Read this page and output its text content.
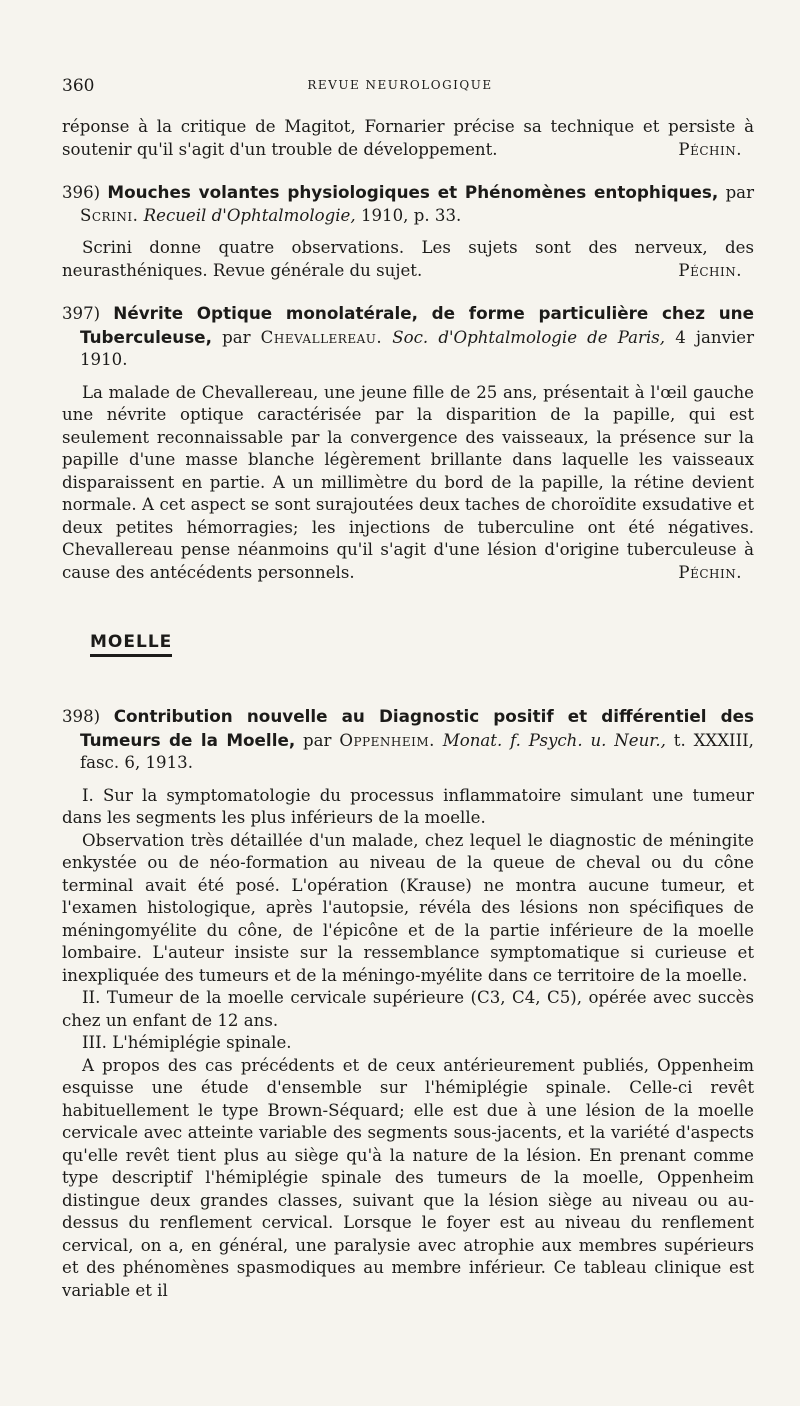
360	REVUE NEUROLOGIQUE

réponse à la critique de Magitot, Fornarier précise sa technique et persiste à soutenir qu'il s'agit d'un trouble de développement.	Péchin.

396) Mouches volantes physiologiques et Phénomènes entophiques, par Scrini. Recueil d'Ophtalmologie, 1910, p. 33.

Scrini donne quatre observations. Les sujets sont des nerveux, des neurasthéniques. Revue générale du sujet.	Péchin.

397) Névrite Optique monolatérale, de forme particulière chez une Tuberculeuse, par Chevallereau. Soc. d'Ophtalmologie de Paris, 4 janvier 1910.

La malade de Chevallereau, une jeune fille de 25 ans, présentait à l'œil gauche une névrite optique caractérisée par la disparition de la papille, qui est seulement reconnaissable par la convergence des vaisseaux, la présence sur la papille d'une masse blanche légèrement brillante dans laquelle les vaisseaux disparaissent en partie. A un millimètre du bord de la papille, la rétine devient normale. A cet aspect se sont surajoutées deux taches de choroïdite exsudative et deux petites hémorragies; les injections de tuberculine ont été négatives. Chevallereau pense néanmoins qu'il s'agit d'une lésion d'origine tuberculeuse à cause des antécédents personnels.	Péchin.

MOELLE

398) Contribution nouvelle au Diagnostic positif et différentiel des Tumeurs de la Moelle, par Oppenheim. Monat. f. Psych. u. Neur., t. XXXIII, fasc. 6, 1913.

I. Sur la symptomatologie du processus inflammatoire simulant une tumeur dans les segments les plus inférieurs de la moelle.

Observation très détaillée d'un malade, chez lequel le diagnostic de méningite enkystée ou de néo-formation au niveau de la queue de cheval ou du cône terminal avait été posé. L'opération (Krause) ne montra aucune tumeur, et l'examen histologique, après l'autopsie, révéla des lésions non spécifiques de méningomyélite du cône, de l'épicône et de la partie inférieure de la moelle lombaire. L'auteur insiste sur la ressemblance symptomatique si curieuse et inexpliquée des tumeurs et de la méningo-myélite dans ce territoire de la moelle.

II. Tumeur de la moelle cervicale supérieure (C3, C4, C5), opérée avec succès chez un enfant de 12 ans.

III. L'hémiplégie spinale.

A propos des cas précédents et de ceux antérieurement publiés, Oppenheim esquisse une étude d'ensemble sur l'hémiplégie spinale. Celle-ci revêt habituellement le type Brown-Séquard; elle est due à une lésion de la moelle cervicale avec atteinte variable des segments sous-jacents, et la variété d'aspects qu'elle revêt tient plus au siège qu'à la nature de la lésion. En prenant comme type descriptif l'hémiplégie spinale des tumeurs de la moelle, Oppenheim distingue deux grandes classes, suivant que la lésion siège au niveau ou au-dessus du renflement cervical. Lorsque le foyer est au niveau du renflement cervical, on a, en général, une paralysie avec atrophie aux membres supérieurs et des phénomènes spasmodiques au membre inférieur. Ce tableau clinique est variable et il
